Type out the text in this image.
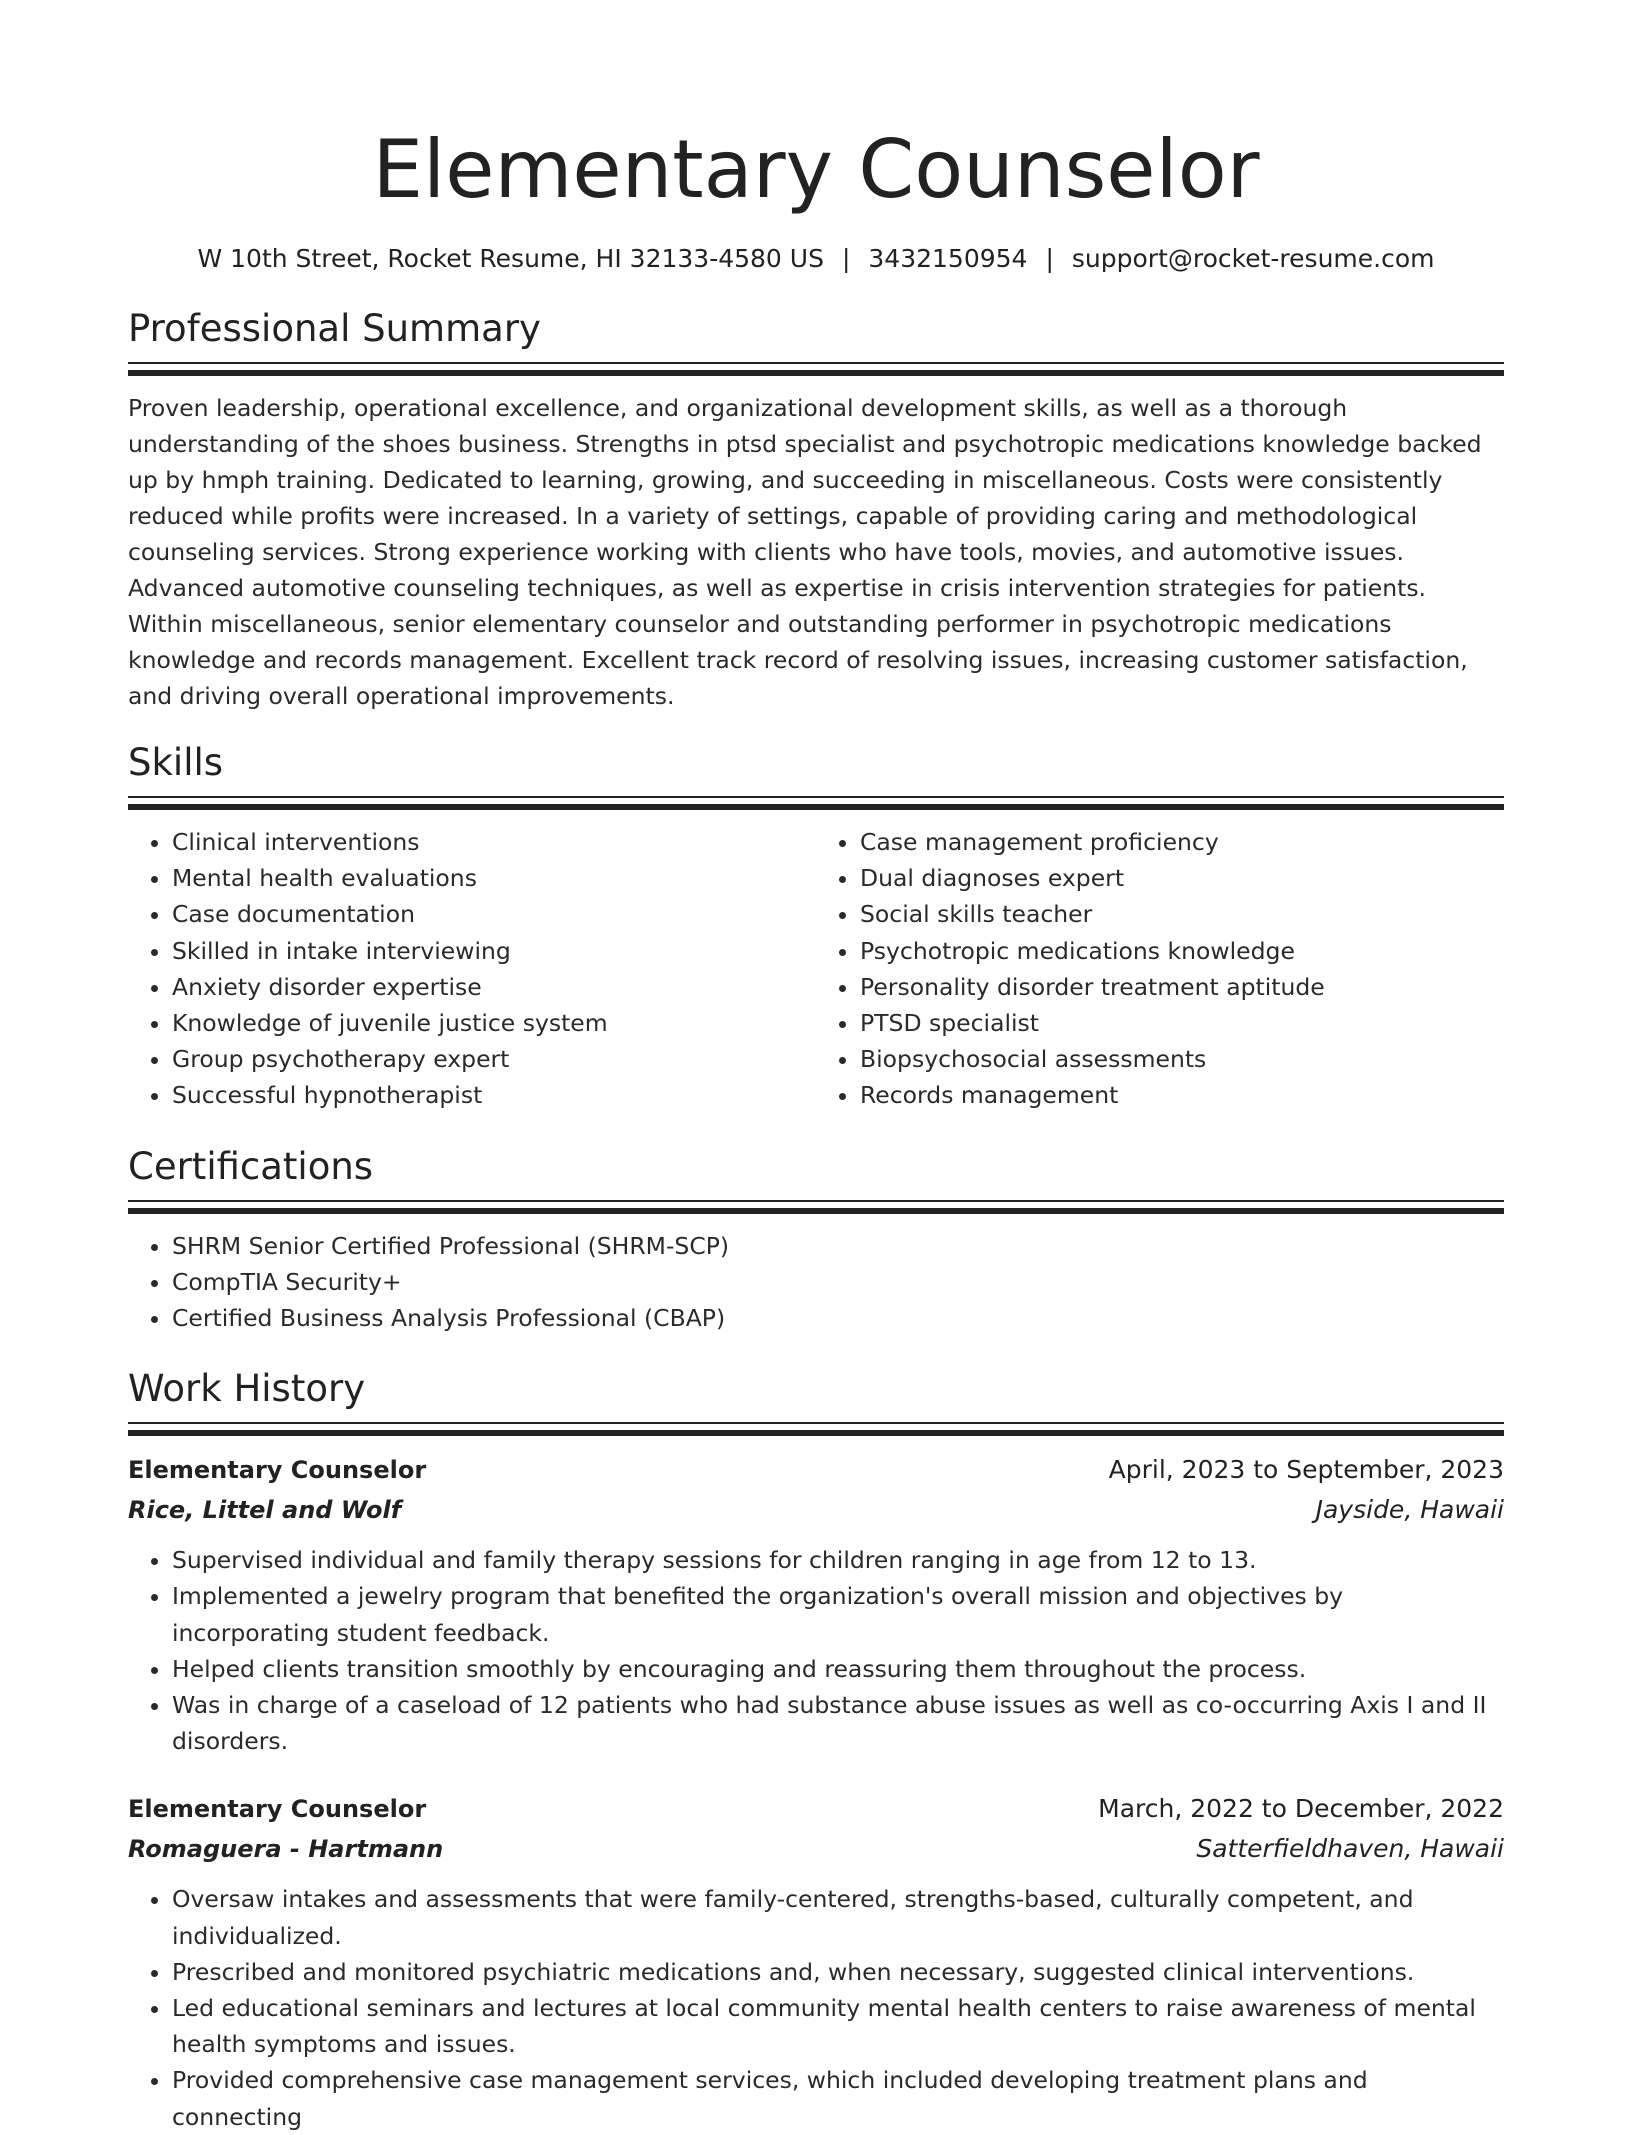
Elementary Counselor
W 10th Street, Rocket Resume, HI 32133-4580 US | 3432150954 | support@rocket-resume.com
Professional Summary

Proven leadership, operational excellence, and organizational development skills, as well as a thorough understanding of the shoes business. Strengths in ptsd specialist and psychotropic medications knowledge backed up by hmph training. Dedicated to learning, growing, and succeeding in miscellaneous. Costs were consistently reduced while profits were increased. In a variety of settings, capable of providing caring and methodological counseling services. Strong experience working with clients who have tools, movies, and automotive issues. Advanced automotive counseling techniques, as well as expertise in crisis intervention strategies for patients. Within miscellaneous, senior elementary counselor and outstanding performer in psychotropic medications knowledge and records management. Excellent track record of resolving issues, increasing customer satisfaction, and driving overall operational improvements.

Skills
• Clinical interventions
• Mental health evaluations
• Case documentation
• Skilled in intake interviewing
• Anxiety disorder expertise
• Knowledge of juvenile justice system
• Group psychotherapy expert
• Successful hypnotherapist
• Case management proficiency
• Dual diagnoses expert
• Social skills teacher
• Psychotropic medications knowledge
• Personality disorder treatment aptitude
• PTSD specialist
• Biopsychosocial assessments
• Records management
Certifications
• SHRM Senior Certified Professional (SHRM-SCP)
• CompTIA Security+
• Certified Business Analysis Professional (CBAP)
Work History
Elementary Counselor	April, 2023 to September, 2023
Rice, Littel and Wolf	Jayside, Hawaii
• Supervised individual and family therapy sessions for children ranging in age from 12 to 13.
• Implemented a jewelry program that benefited the organization's overall mission and objectives by incorporating student feedback.
• Helped clients transition smoothly by encouraging and reassuring them throughout the process.
• Was in charge of a caseload of 12 patients who had substance abuse issues as well as co-occurring Axis I and II disorders.
Elementary Counselor	March, 2022 to December, 2022
Romaguera - Hartmann	Satterfieldhaven, Hawaii
• Oversaw intakes and assessments that were family-centered, strengths-based, culturally competent, and individualized.
• Prescribed and monitored psychiatric medications and, when necessary, suggested clinical interventions.
• Led educational seminars and lectures at local community mental health centers to raise awareness of mental health symptoms and issues.
• Provided comprehensive case management services, which included developing treatment plans and connecting
